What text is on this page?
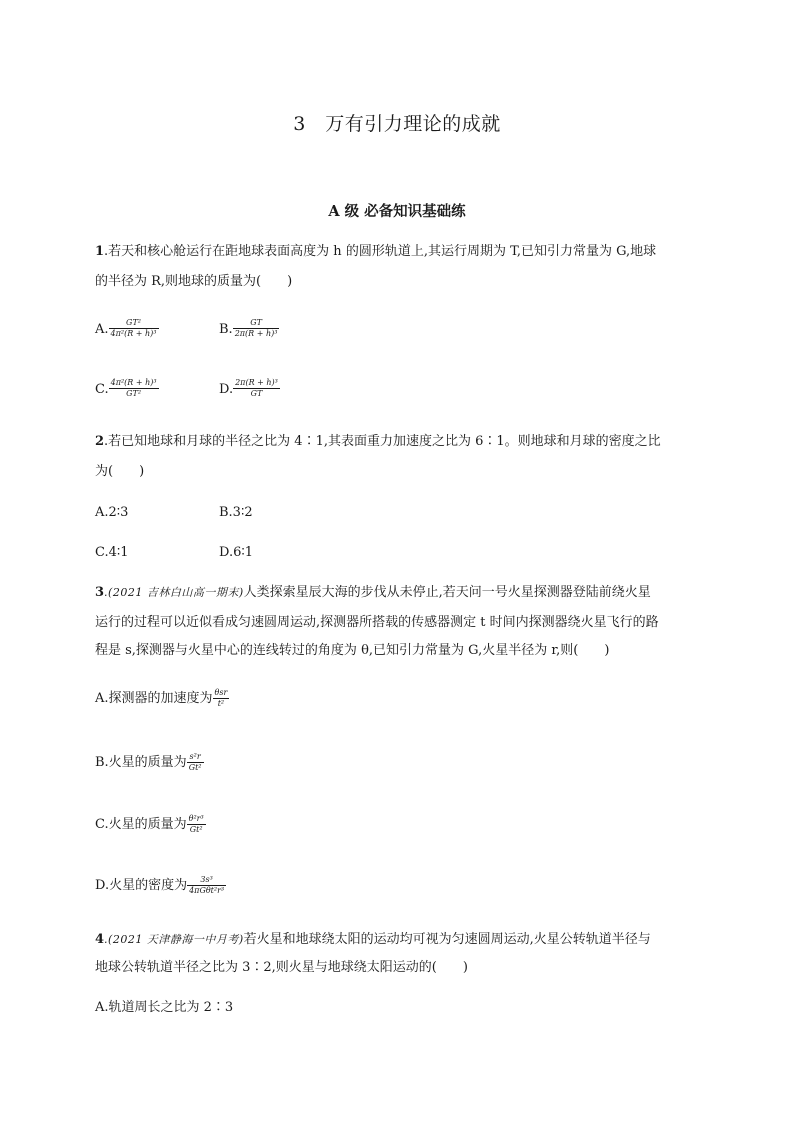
3　万有引力理论的成就
A 级 必备知识基础练
1.若天和核心舱运行在距地球表面高度为 h 的圆形轨道上,其运行周期为 T,已知引力常量为 G,地球
的半径为 R,则地球的质量为(　　)
A. $\frac{\text{GT²}}{\text{4π²(R + h)³}}$	B. $\frac{GT}{\text{2π(R + h)³}}$
C. $\frac{\text{4π²(R + h)³}}{\text{GT²}}$	D. $\frac{\text{2π(R + h)³}}{GT}$
2.若已知地球和月球的半径之比为 4∶1,其表面重力加速度之比为 6∶1。则地球和月球的密度之比
为(　　)
A.2∶3	B.3∶2
C.4∶1	D.6∶1
3.(2021 吉林白山高一期末)人类探索星辰大海的步伐从未停止,若天问一号火星探测器登陆前绕火星
运行的过程可以近似看成匀速圆周运动,探测器所搭载的传感器测定 t 时间内探测器绕火星飞行的路
程是 s,探测器与火星中心的连线转过的角度为 θ,已知引力常量为 G,火星半径为 r,则(　　)
A.探测器的加速度为 $\frac{\text{θsr}}{\text{t²}}$
B.火星的质量为 $\frac{\text{s²r}}{\text{Gt²}}$
C.火星的质量为 $\frac{\text{θ²r³}}{\text{Gt²}}$
D.火星的密度为 $\frac{\text{3s³}}{\text{4πGθt²r³}}$
4.(2021 天津静海一中月考)若火星和地球绕太阳的运动均可视为匀速圆周运动,火星公转轨道半径与
地球公转轨道半径之比为 3∶2,则火星与地球绕太阳运动的(　　)
A.轨道周长之比为 2∶3
